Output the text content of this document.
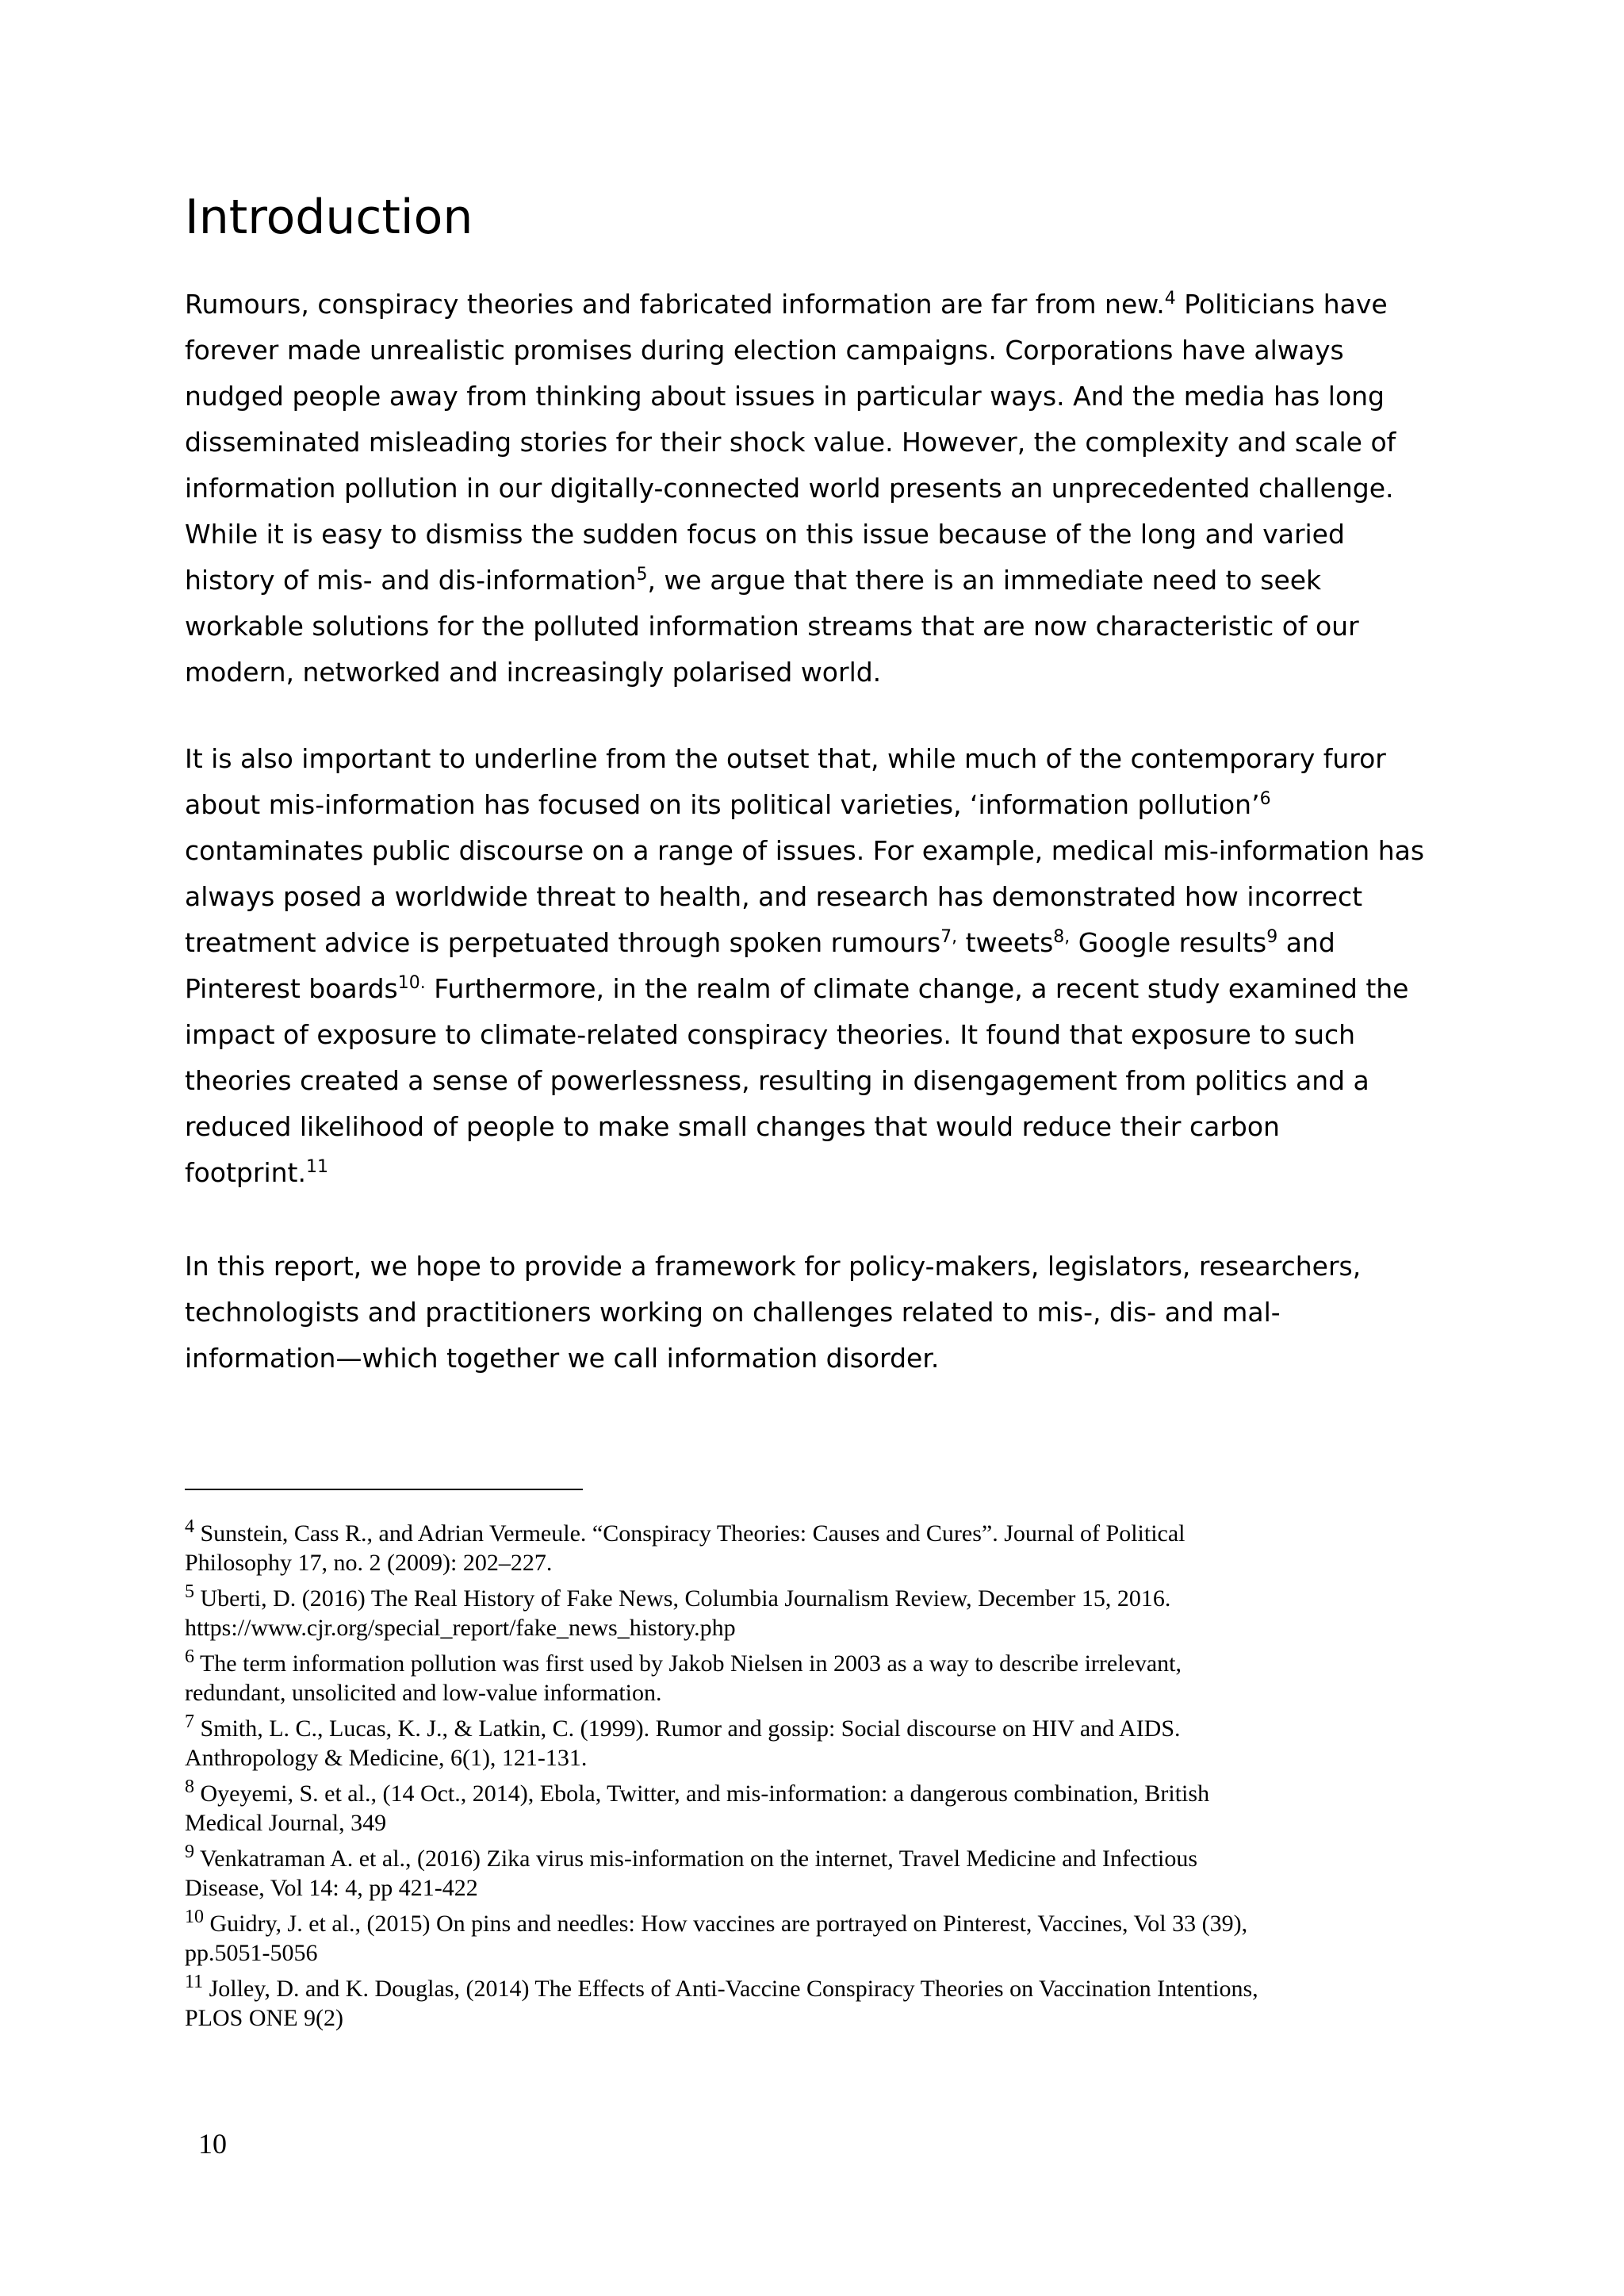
Introduction
Rumours, conspiracy theories and fabricated information are far from new.$^4$ Politicians have
forever made unrealistic promises during election campaigns. Corporations have always
nudged people away from thinking about issues in particular ways. And the media has long
disseminated misleading stories for their shock value. However, the complexity and scale of
information pollution in our digitally-connected world presents an unprecedented challenge.
While it is easy to dismiss the sudden focus on this issue because of the long and varied
history of mis- and dis-information$^5$, we argue that there is an immediate need to seek
workable solutions for the polluted information streams that are now characteristic of our
modern, networked and increasingly polarised world.
It is also important to underline from the outset that, while much of the contemporary furor
about mis-information has focused on its political varieties, ‘information pollution’$^6$
contaminates public discourse on a range of issues. For example, medical mis-information has
always posed a worldwide threat to health, and research has demonstrated how incorrect
treatment advice is perpetuated through spoken rumours$^{7,}$ tweets$^{8,}$ Google results$^9$ and
Pinterest boards$^{10.}$ Furthermore, in the realm of climate change, a recent study examined the
impact of exposure to climate-related conspiracy theories. It found that exposure to such
theories created a sense of powerlessness, resulting in disengagement from politics and a
reduced likelihood of people to make small changes that would reduce their carbon
footprint.$^{11}$
In this report, we hope to provide a framework for policy-makers, legislators, researchers,
technologists and practitioners working on challenges related to mis-, dis- and mal-
information—which together we call information disorder.
$^4$ Sunstein, Cass R., and Adrian Vermeule. “Conspiracy Theories: Causes and Cures”. Journal of Political
Philosophy 17, no. 2 (2009): 202–227.
$^5$ Uberti, D. (2016) The Real History of Fake News, Columbia Journalism Review, December 15, 2016.
https://www.cjr.org/special_report/fake_news_history.php
$^6$ The term information pollution was first used by Jakob Nielsen in 2003 as a way to describe irrelevant,
redundant, unsolicited and low-value information.
$^7$ Smith, L. C., Lucas, K. J., & Latkin, C. (1999). Rumor and gossip: Social discourse on HIV and AIDS.
Anthropology & Medicine, 6(1), 121-131.
$^8$ Oyeyemi, S. et al., (14 Oct., 2014), Ebola, Twitter, and mis-information: a dangerous combination, British
Medical Journal, 349
$^9$ Venkatraman A. et al., (2016) Zika virus mis-information on the internet, Travel Medicine and Infectious
Disease, Vol 14: 4, pp 421-422
$^{10}$ Guidry, J. et al., (2015) On pins and needles: How vaccines are portrayed on Pinterest, Vaccines, Vol 33 (39),
pp.5051-5056
$^{11}$ Jolley, D. and K. Douglas, (2014) The Effects of Anti-Vaccine Conspiracy Theories on Vaccination Intentions,
PLOS ONE 9(2)
10
